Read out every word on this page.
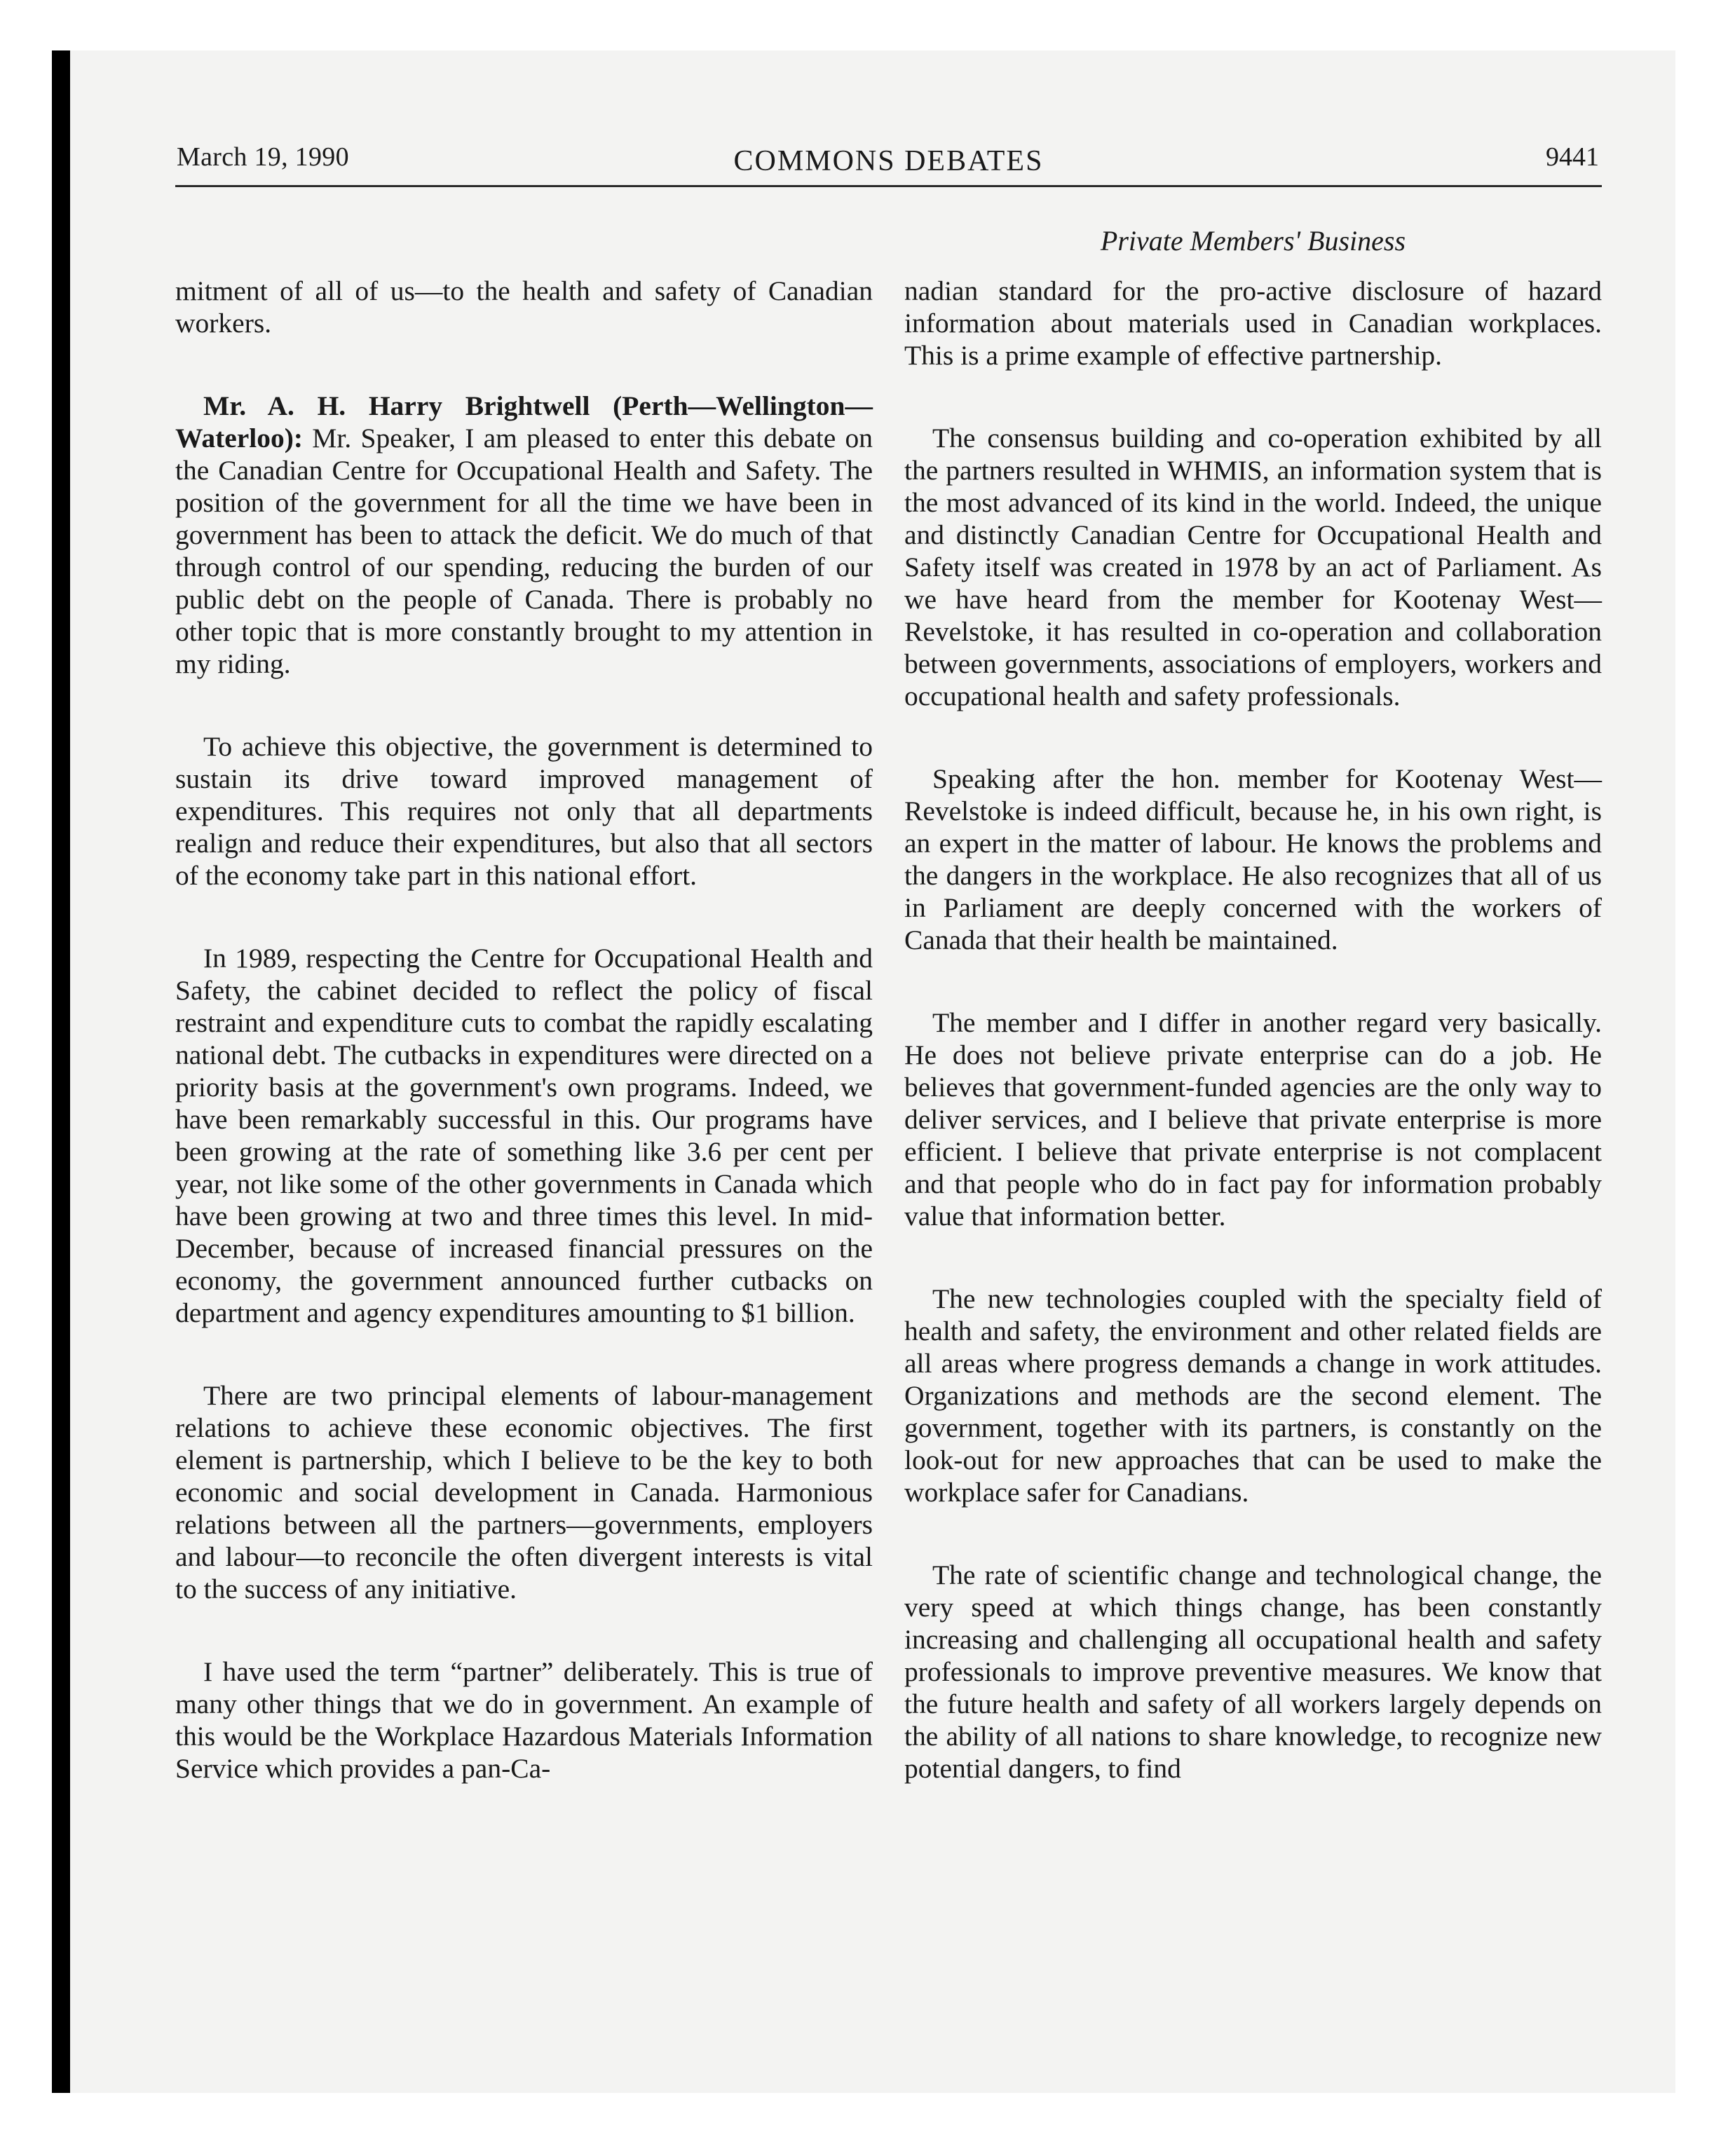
March 19, 1990	COMMONS DEBATES	9441
Private Members' Business

mitment of all of us—to the health and safety of Canadian workers.

Mr. A. H. Harry Brightwell (Perth—Wellington—Waterloo): Mr. Speaker, I am pleased to enter this debate on the Canadian Centre for Occupational Health and Safety. The position of the government for all the time we have been in government has been to attack the deficit. We do much of that through control of our spending, reducing the burden of our public debt on the people of Canada. There is probably no other topic that is more constantly brought to my attention in my riding.

To achieve this objective, the government is determined to sustain its drive toward improved management of expenditures. This requires not only that all departments realign and reduce their expenditures, but also that all sectors of the economy take part in this national effort.

In 1989, respecting the Centre for Occupational Health and Safety, the cabinet decided to reflect the policy of fiscal restraint and expenditure cuts to combat the rapidly escalating national debt. The cutbacks in expenditures were directed on a priority basis at the government's own programs. Indeed, we have been remarkably successful in this. Our programs have been growing at the rate of something like 3.6 per cent per year, not like some of the other governments in Canada which have been growing at two and three times this level. In mid-December, because of increased financial pressures on the economy, the government announced further cutbacks on department and agency expenditures amounting to $1 billion.

There are two principal elements of labour-management relations to achieve these economic objectives. The first element is partnership, which I believe to be the key to both economic and social development in Canada. Harmonious relations between all the partners—governments, employers and labour—to reconcile the often divergent interests is vital to the success of any initiative.

I have used the term “partner” deliberately. This is true of many other things that we do in government. An example of this would be the Workplace Hazardous Materials Information Service which provides a pan-Ca-

nadian standard for the pro-active disclosure of hazard information about materials used in Canadian workplaces. This is a prime example of effective partnership.

The consensus building and co-operation exhibited by all the partners resulted in WHMIS, an information system that is the most advanced of its kind in the world. Indeed, the unique and distinctly Canadian Centre for Occupational Health and Safety itself was created in 1978 by an act of Parliament. As we have heard from the member for Kootenay West—Revelstoke, it has resulted in co-operation and collaboration between governments, associations of employers, workers and occupational health and safety professionals.

Speaking after the hon. member for Kootenay West—Revelstoke is indeed difficult, because he, in his own right, is an expert in the matter of labour. He knows the problems and the dangers in the workplace. He also recognizes that all of us in Parliament are deeply concerned with the workers of Canada that their health be maintained.

The member and I differ in another regard very basically. He does not believe private enterprise can do a job. He believes that government-funded agencies are the only way to deliver services, and I believe that private enterprise is more efficient. I believe that private enterprise is not complacent and that people who do in fact pay for information probably value that information better.

The new technologies coupled with the specialty field of health and safety, the environment and other related fields are all areas where progress demands a change in work attitudes. Organizations and methods are the second element. The government, together with its partners, is constantly on the look-out for new approaches that can be used to make the workplace safer for Canadians.

The rate of scientific change and technological change, the very speed at which things change, has been constantly increasing and challenging all occupational health and safety professionals to improve preventive measures. We know that the future health and safety of all workers largely depends on the ability of all nations to share knowledge, to recognize new potential dangers, to find
